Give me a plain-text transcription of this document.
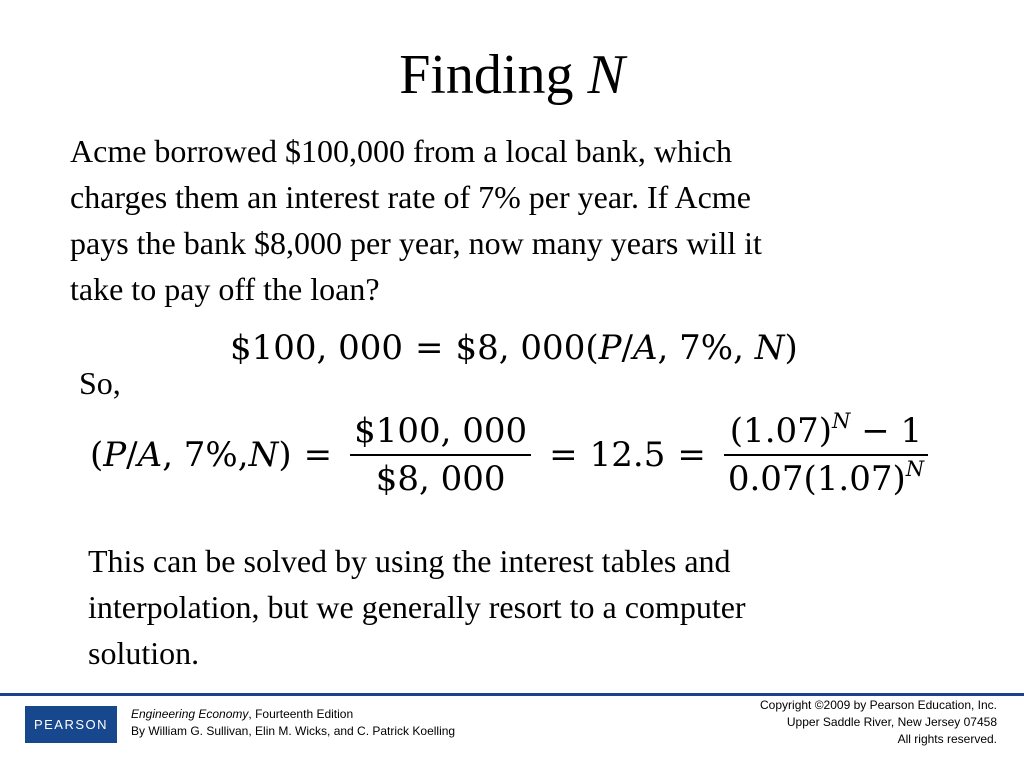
Finding N
Acme borrowed $100,000 from a local bank, which
charges them an interest rate of 7% per year. If Acme
pays the bank $8,000 per year, now many years will it
take to pay off the loan?
$100, 000 = $8, 000(P/A, 7%, N)
So,
( P / A , 7%, N ) = $\frac{\$100, 000}{\$8, 000} = 12.5 = \frac{(1.07)^N - 1}{0.07(1.07)^N}$
This can be solved by using the interest tables and
interpolation, but we generally resort to a computer
solution.
PEARSON
Engineering Economy, Fourteenth Edition
By William G. Sullivan, Elin M. Wicks, and C. Patrick Koelling
Copyright ©2009 by Pearson Education, Inc.
Upper Saddle River, New Jersey 07458
All rights reserved.
